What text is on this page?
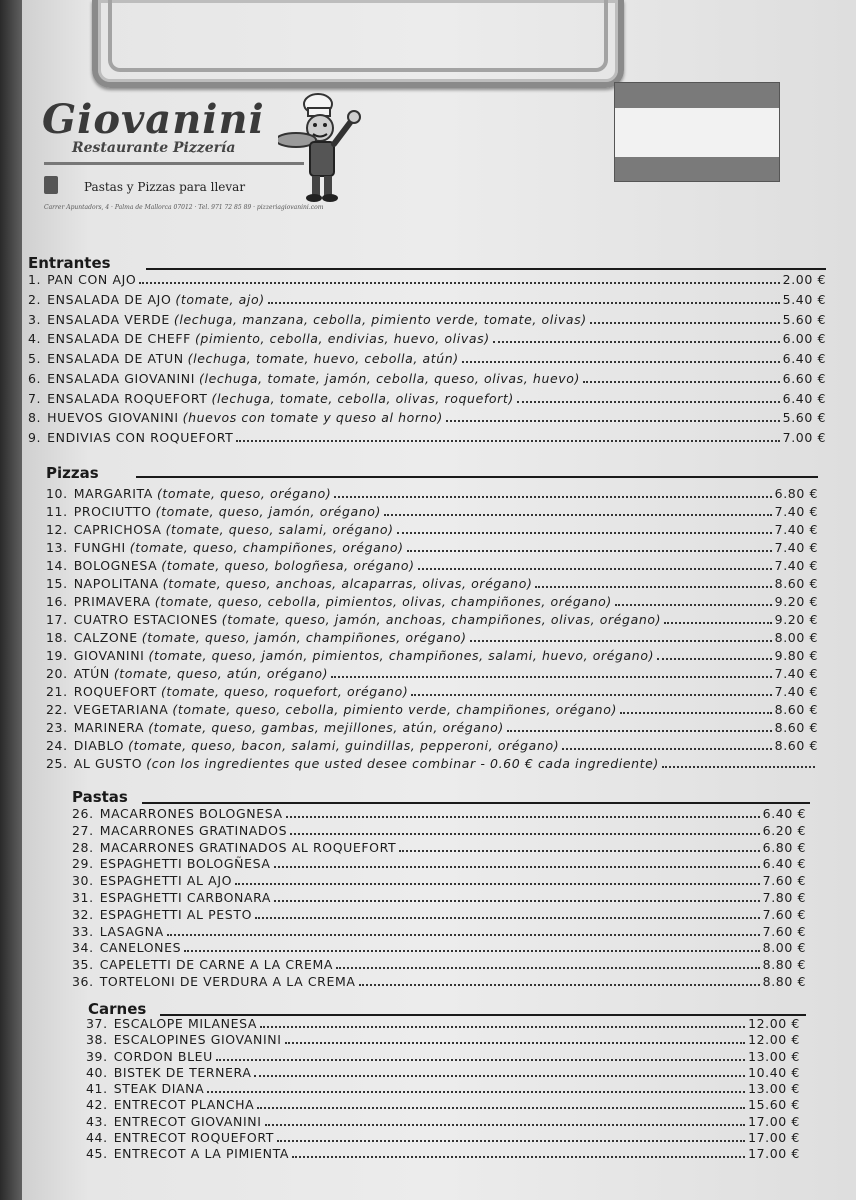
Giovanini
Restaurante Pizzería
Pastas y Pizzas para llevar
Carrer Apuntadors, 4 · Palma de Mallorca 07012 · Tel. 971 72 85 89 · pizzeriagiovanini.com
Entrantes
1. PAN CON AJO	2.00 €
2. ENSALADA DE AJO (tomate, ajo)	5.40 €
3. ENSALADA VERDE (lechuga, manzana, cebolla, pimiento verde, tomate, olivas)	5.60 €
4. ENSALADA DE CHEFF (pimiento, cebolla, endivias, huevo, olivas)	6.00 €
5. ENSALADA DE ATUN (lechuga, tomate, huevo, cebolla, atún)	6.40 €
6. ENSALADA GIOVANINI (lechuga, tomate, jamón, cebolla, queso, olivas, huevo)	6.60 €
7. ENSALADA ROQUEFORT (lechuga, tomate, cebolla, olivas, roquefort)	6.40 €
8. HUEVOS GIOVANINI (huevos con tomate y queso al horno)	5.60 €
9. ENDIVIAS CON ROQUEFORT	7.00 €
Pizzas
10. MARGARITA (tomate, queso, orégano)	6.80 €
11. PROCIUTTO (tomate, queso, jamón, orégano)	7.40 €
12. CAPRICHOSA (tomate, queso, salami, orégano)	7.40 €
13. FUNGHI (tomate, queso, champiñones, orégano)	7.40 €
14. BOLOGNESA (tomate, queso, bologñesa, orégano)	7.40 €
15. NAPOLITANA (tomate, queso, anchoas, alcaparras, olivas, orégano)	8.60 €
16. PRIMAVERA (tomate, queso, cebolla, pimientos, olivas, champiñones, orégano)	9.20 €
17. CUATRO ESTACIONES (tomate, queso, jamón, anchoas, champiñones, olivas, orégano)	9.20 €
18. CALZONE (tomate, queso, jamón, champiñones, orégano)	8.00 €
19. GIOVANINI (tomate, queso, jamón, pimientos, champiñones, salami, huevo, orégano)	9.80 €
20. ATÚN (tomate, queso, atún, orégano)	7.40 €
21. ROQUEFORT (tomate, queso, roquefort, orégano)	7.40 €
22. VEGETARIANA (tomate, queso, cebolla, pimiento verde, champiñones, orégano)	8.60 €
23. MARINERA (tomate, queso, gambas, mejillones, atún, orégano)	8.60 €
24. DIABLO (tomate, queso, bacon, salami, guindillas, pepperoni, orégano)	8.60 €
25. AL GUSTO (con los ingredientes que usted desee combinar - 0.60 € cada ingrediente)
Pastas
26. MACARRONES BOLOGNESA	6.40 €
27. MACARRONES GRATINADOS	6.20 €
28. MACARRONES GRATINADOS AL ROQUEFORT	6.80 €
29. ESPAGHETTI BOLOGÑESA	6.40 €
30. ESPAGHETTI AL AJO	7.60 €
31. ESPAGHETTI CARBONARA	7.80 €
32. ESPAGHETTI AL PESTO	7.60 €
33. LASAGNA	7.60 €
34. CANELONES	8.00 €
35. CAPELETTI DE CARNE A LA CREMA	8.80 €
36. TORTELONI DE VERDURA A LA CREMA	8.80 €
Carnes
37. ESCALOPE MILANESA	12.00 €
38. ESCALOPINES GIOVANINI	12.00 €
39. CORDON BLEU	13.00 €
40. BISTEK DE TERNERA	10.40 €
41. STEAK DIANA	13.00 €
42. ENTRECOT PLANCHA	15.60 €
43. ENTRECOT GIOVANINI	17.00 €
44. ENTRECOT ROQUEFORT	17.00 €
45. ENTRECOT A LA PIMIENTA	17.00 €
